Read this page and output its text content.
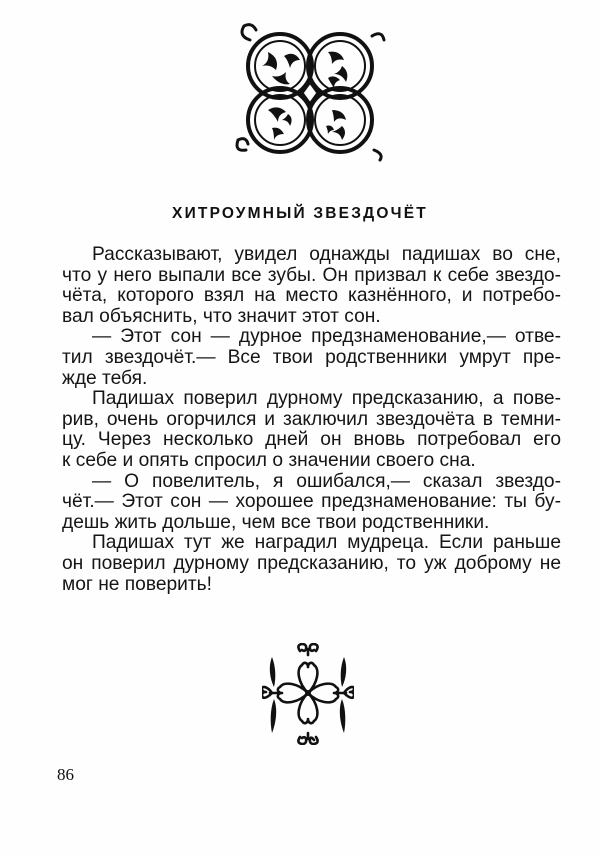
ХИТРОУМНЫЙ ЗВЕЗДОЧЁТ
Рассказывают, увидел однажды падишах во сне,
что у него выпали все зубы. Он призвал к себе звездо-
чёта, которого взял на место казнённого, и потребо-
вал объяснить, что значит этот сон.
— Этот сон — дурное предзнаменование,— отве-
тил звездочёт.— Все твои родственники умрут пре-
жде тебя.
Падишах поверил дурному предсказанию, а пове-
рив, очень огорчился и заключил звездочёта в темни-
цу. Через несколько дней он вновь потребовал его
к себе и опять спросил о значении своего сна.
— О повелитель, я ошибался,— сказал звездо-
чёт.— Этот сон — хорошее предзнаменование: ты бу-
дешь жить дольше, чем все твои родственники.
Падишах тут же наградил мудреца. Если раньше
он поверил дурному предсказанию, то уж доброму не
мог не поверить!
86
